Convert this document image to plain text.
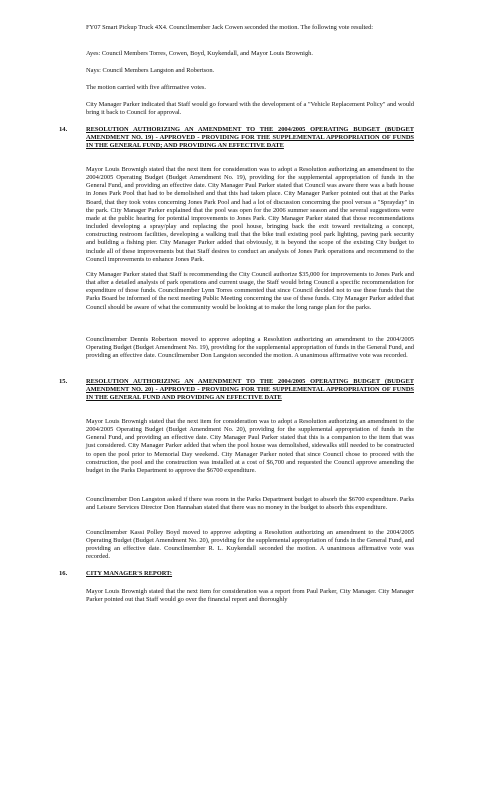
FY07 Smart Pickup Truck 4X4. Councilmember Jack Cowen seconded the motion. The following vote resulted:

Ayes: Council Members Torres, Cowen, Boyd, Kuykendall, and Mayor Louis Brownigh.

Nays: Council Members Langston and Robertson.

The motion carried with five affirmative votes.

City Manager Parker indicated that Staff would go forward with the development of a "Vehicle Replacement Policy" and would bring it back to Council for approval.

14.	RESOLUTION AUTHORIZING AN AMENDMENT TO THE 2004/2005 OPERATING BUDGET (BUDGET AMENDMENT NO. 19) - APPROVED - PROVIDING FOR THE SUPPLEMENTAL APPROPRIATION OF FUNDS IN THE GENERAL FUND; AND PROVIDING AN EFFECTIVE DATE

Mayor Louis Brownigh stated that the next item for consideration was to adopt a Resolution authorizing an amendment to the 2004/2005 Operating Budget (Budget Amendment No. 19), providing for the supplemental appropriation of funds in the General Fund, and providing an effective date. City Manager Paul Parker stated that Council was aware there was a bath house in Jones Park Pool that had to be demolished and that this had taken place. City Manager Parker pointed out that at the Parks Board, that they took votes concerning Jones Park Pool and had a lot of discussion concerning the pool versus a "Sprayday" in the park. City Manager Parker explained that the pool was open for the 2006 summer season and the several suggestions were made at the public hearing for potential improvements to Jones Park. City Manager Parker stated that those recommendations included developing a spray/play and replacing the pool house, bringing back the exit toward revitalizing a concept, constructing restroom facilities, developing a walking trail that the bike trail existing pool park lighting, paving park security and building a fishing pier. City Manager Parker added that obviously, it is beyond the scope of the existing City budget to include all of these improvements but that Staff desires to conduct an analysis of Jones Park operations and recommend to the Council improvements to enhance Jones Park.

City Manager Parker stated that Staff is recommending the City Council authorize $35,000 for improvements to Jones Park and that after a detailed analysis of park operations and current usage, the Staff would bring Council a specific recommendation for expenditure of those funds. Councilmember Lynn Torres commented that since Council decided not to use these funds that the Parks Board be informed of the next meeting Public Meeting concerning the use of these funds. City Manager Parker added that Council should be aware of what the community would be looking at to make the long range plan for the parks.

Councilmember Dennis Robertson moved to approve adopting a Resolution authorizing an amendment to the 2004/2005 Operating Budget (Budget Amendment No. 19), providing for the supplemental appropriation of funds in the General Fund, and providing an effective date. Councilmember Don Langston seconded the motion. A unanimous affirmative vote was recorded.

15.	RESOLUTION AUTHORIZING AN AMENDMENT TO THE 2004/2005 OPERATING BUDGET (BUDGET AMENDMENT NO. 20) - APPROVED - PROVIDING FOR THE SUPPLEMENTAL APPROPRIATION OF FUNDS IN THE GENERAL FUND AND PROVIDING AN EFFECTIVE DATE

Mayor Louis Brownigh stated that the next item for consideration was to adopt a Resolution authorizing an amendment to the 2004/2005 Operating Budget (Budget Amendment No. 20), providing for the supplemental appropriation of funds in the General Fund, and providing an effective date. City Manager Paul Parker stated that this is a companion to the item that was just considered. City Manager Parker added that when the pool house was demolished, sidewalks still needed to be constructed to open the pool prior to Memorial Day weekend. City Manager Parker noted that since Council chose to proceed with the construction, the pool and the construction was installed at a cost of $6,700 and requested the Council approve amending the budget in the Parks Department to approve the $6700 expenditure.

Councilmember Don Langston asked if there was room in the Parks Department budget to absorb the $6700 expenditure. Parks and Leisure Services Director Don Hannahan stated that there was no money in the budget to absorb this expenditure.

Councilmember Kassi Polley Boyd moved to approve adopting a Resolution authorizing an amendment to the 2004/2005 Operating Budget (Budget Amendment No. 20), providing for the supplemental appropriation of funds in the General Fund, and providing an effective date. Councilmember R. L. Kuykendall seconded the motion. A unanimous affirmative vote was recorded.

16.	CITY MANAGER'S REPORT:

Mayor Louis Brownigh stated that the next item for consideration was a report from Paul Parker, City Manager. City Manager Parker pointed out that Staff would go over the financial report and thoroughly
